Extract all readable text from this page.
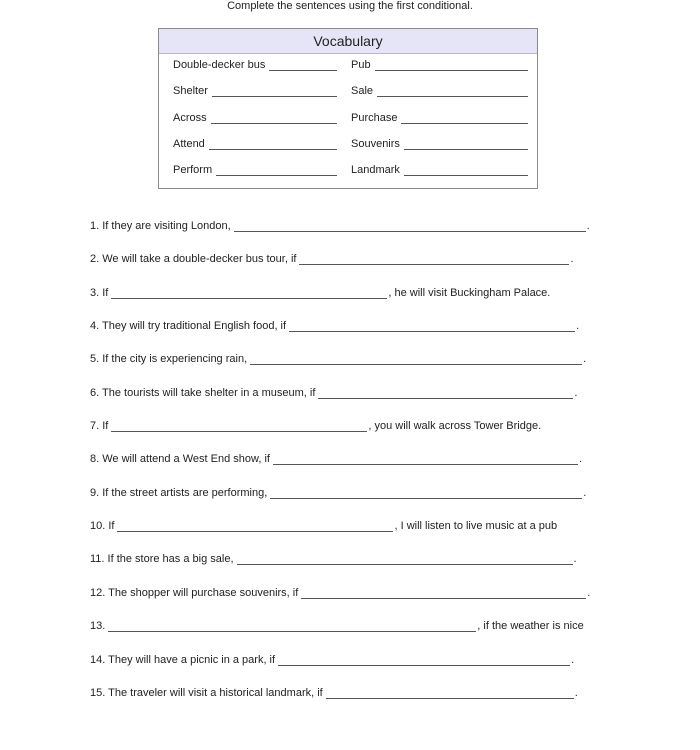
Complete the sentences using the first conditional.
Vocabulary
Double-decker bus	Pub
Shelter	Sale
Across	Purchase
Attend	Souvenirs
Perform	Landmark
1. If they are visiting London,	.
2. We will take a double-decker bus tour, if	.
3. If	, he will visit Buckingham Palace.
4. They will try traditional English food, if	.
5. If the city is experiencing rain,	.
6. The tourists will take shelter in a museum, if	.
7. If	, you will walk across Tower Bridge.
8. We will attend a West End show, if	.
9. If the street artists are performing,	.
10. If	, I will listen to live music at a pub
11. If the store has a big sale,	.
12. The shopper will purchase souvenirs, if	.
13.	, if the weather is nice
14. They will have a picnic in a park, if	.
15. The traveler will visit a historical landmark, if	.
